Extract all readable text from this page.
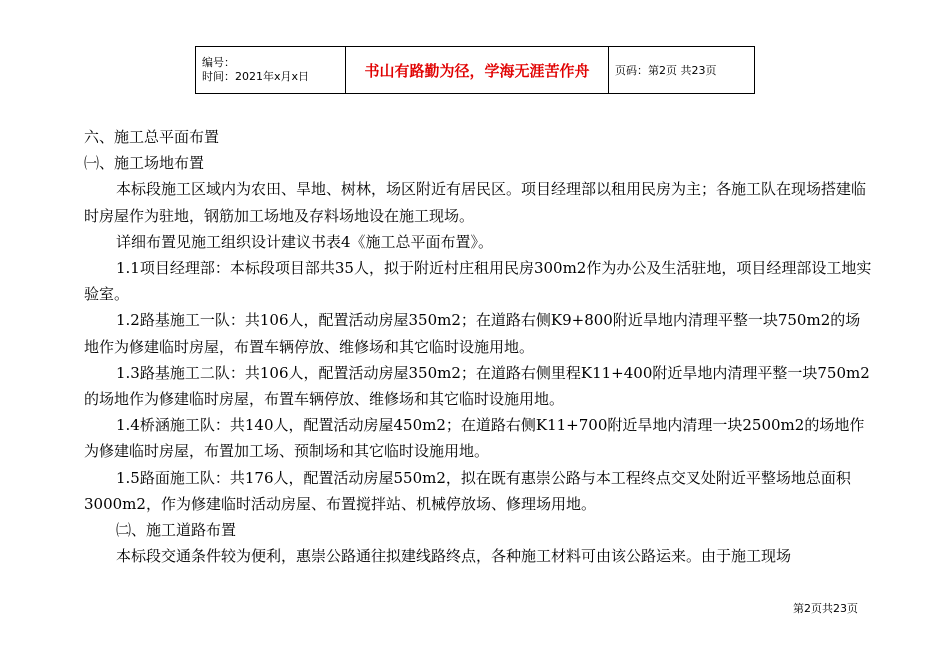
编号：
时间：2021年x月x日	书山有路勤为径，学海无涯苦作舟	页码：第2页 共23页

六、施工总平面布置

㈠、施工场地布置

本标段施工区域内为农田、旱地、树林，场区附近有居民区。项目经理部以租用民房为主；各施工队在现场搭建临时房屋作为驻地，钢筋加工场地及存料场地设在施工现场。

详细布置见施工组织设计建议书表4《施工总平面布置》。

1.1项目经理部：本标段项目部共35人，拟于附近村庄租用民房300m2作为办公及生活驻地，项目经理部设工地实验室。

1.2路基施工一队：共106人，配置活动房屋350m2；在道路右侧K9+800附近旱地内清理平整一块750m2的场地作为修建临时房屋，布置车辆停放、维修场和其它临时设施用地。

1.3路基施工二队：共106人，配置活动房屋350m2；在道路右侧里程K11+400附近旱地内清理平整一块750m2的场地作为修建临时房屋，布置车辆停放、维修场和其它临时设施用地。

1.4桥涵施工队：共140人，配置活动房屋450m2；在道路右侧K11+700附近旱地内清理一块2500m2的场地作为修建临时房屋，布置加工场、预制场和其它临时设施用地。

1.5路面施工队：共176人，配置活动房屋550m2，拟在既有惠崇公路与本工程终点交叉处附近平整场地总面积3000m2，作为修建临时活动房屋、布置搅拌站、机械停放场、修理场用地。

㈡、施工道路布置

本标段交通条件较为便利，惠崇公路通往拟建线路终点，各种施工材料可由该公路运来。由于施工现场

第2页共23页
